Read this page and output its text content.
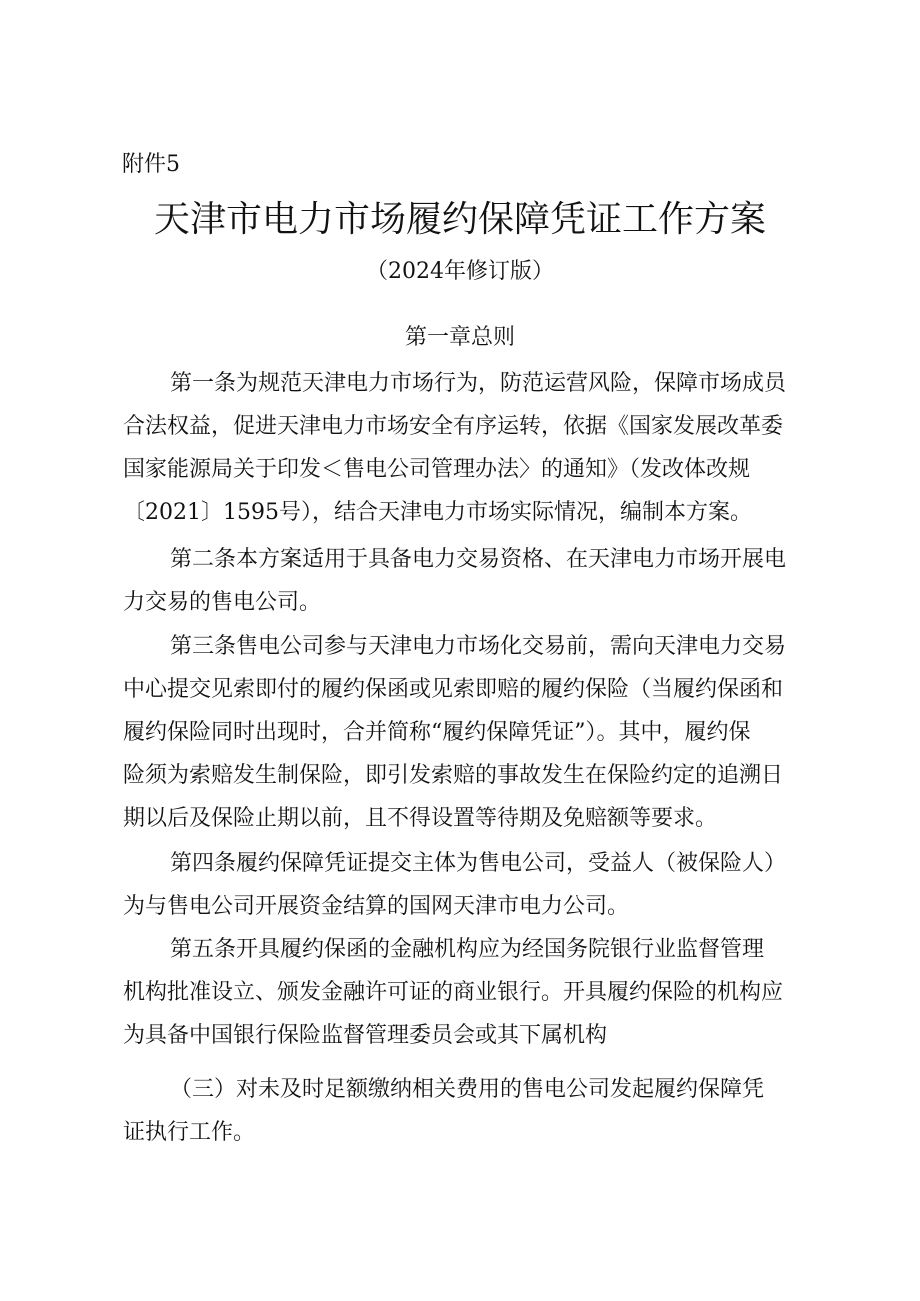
附件5
天津市电力市场履约保障凭证工作方案
（2024年修订版）
第一章总则
第一条为规范天津电力市场行为，防范运营风险，保障市场成员
合法权益，促进天津电力市场安全有序运转，依据《国家发展改革委
国家能源局关于印发＜售电公司管理办法〉的通知》（发改体改规
〔2021〕1595号），结合天津电力市场实际情况，编制本方案。
第二条本方案适用于具备电力交易资格、在天津电力市场开展电
力交易的售电公司。
第三条售电公司参与天津电力市场化交易前，需向天津电力交易
中心提交见索即付的履约保函或见索即赔的履约保险（当履约保函和
履约保险同时出现时，合并简称“履约保障凭证”）。其中，履约保
险须为索赔发生制保险，即引发索赔的事故发生在保险约定的追溯日
期以后及保险止期以前，且不得设置等待期及免赔额等要求。
第四条履约保障凭证提交主体为售电公司，受益人（被保险人）
为与售电公司开展资金结算的国网天津市电力公司。
第五条开具履约保函的金融机构应为经国务院银行业监督管理
机构批准设立、颁发金融许可证的商业银行。开具履约保险的机构应
为具备中国银行保险监督管理委员会或其下属机构
（三）对未及时足额缴纳相关费用的售电公司发起履约保障凭
证执行工作。
